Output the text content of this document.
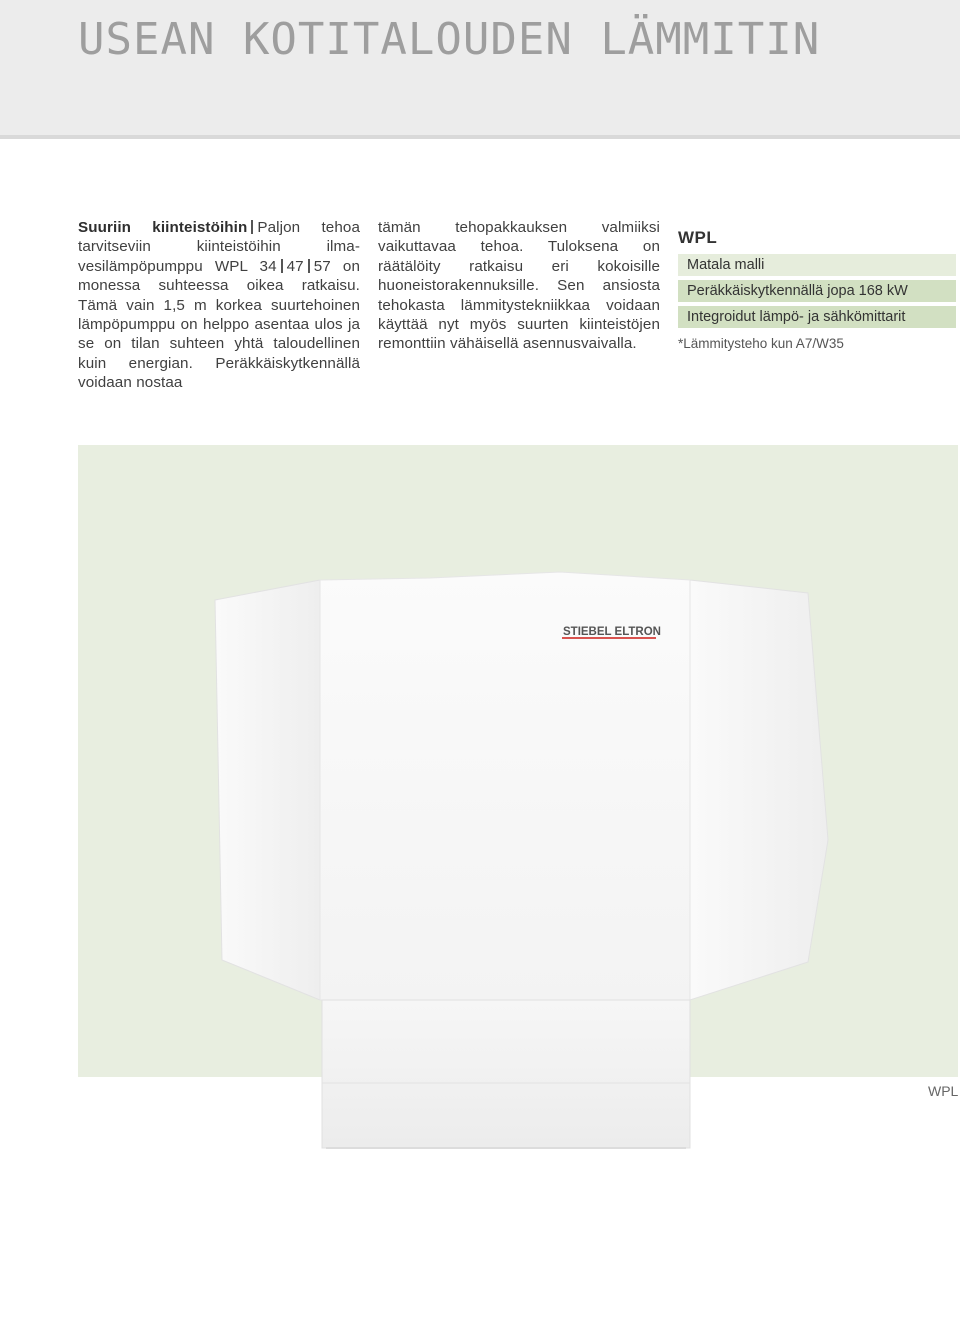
USEAN KOTITALOUDEN LÄMMITIN
Suuriin kiinteistöihin Paljon tehoa tarvitseviin kiinteistöihin ilma-vesilämpöpumppu WPL 34 47 57 on monessa suhteessa oikea ratkaisu. Tämä vain 1,5 m korkea suurtehoinen lämpöpumppu on helppo asentaa ulos ja se on tilan suhteen yhtä taloudellinen kuin energian. Peräkkäiskytkennällä voidaan nostaa
tämän tehopakkauksen valmiiksi vaikuttavaa tehoa. Tuloksena on räätälöity ratkaisu eri kokoisille huoneistorakennuksille. Sen ansiosta tehokasta lämmitystekniikkaa voidaan käyttää nyt myös suurten kiinteistöjen remonttiin vähäisellä asennusvaivalla.
WPL
Matala malli
Peräkkäiskytkennällä jopa 168 kW
Integroidut lämpö- ja sähkömittarit
*Lämmitysteho kun A7/W35
STIEBEL ELTRON
WPL
